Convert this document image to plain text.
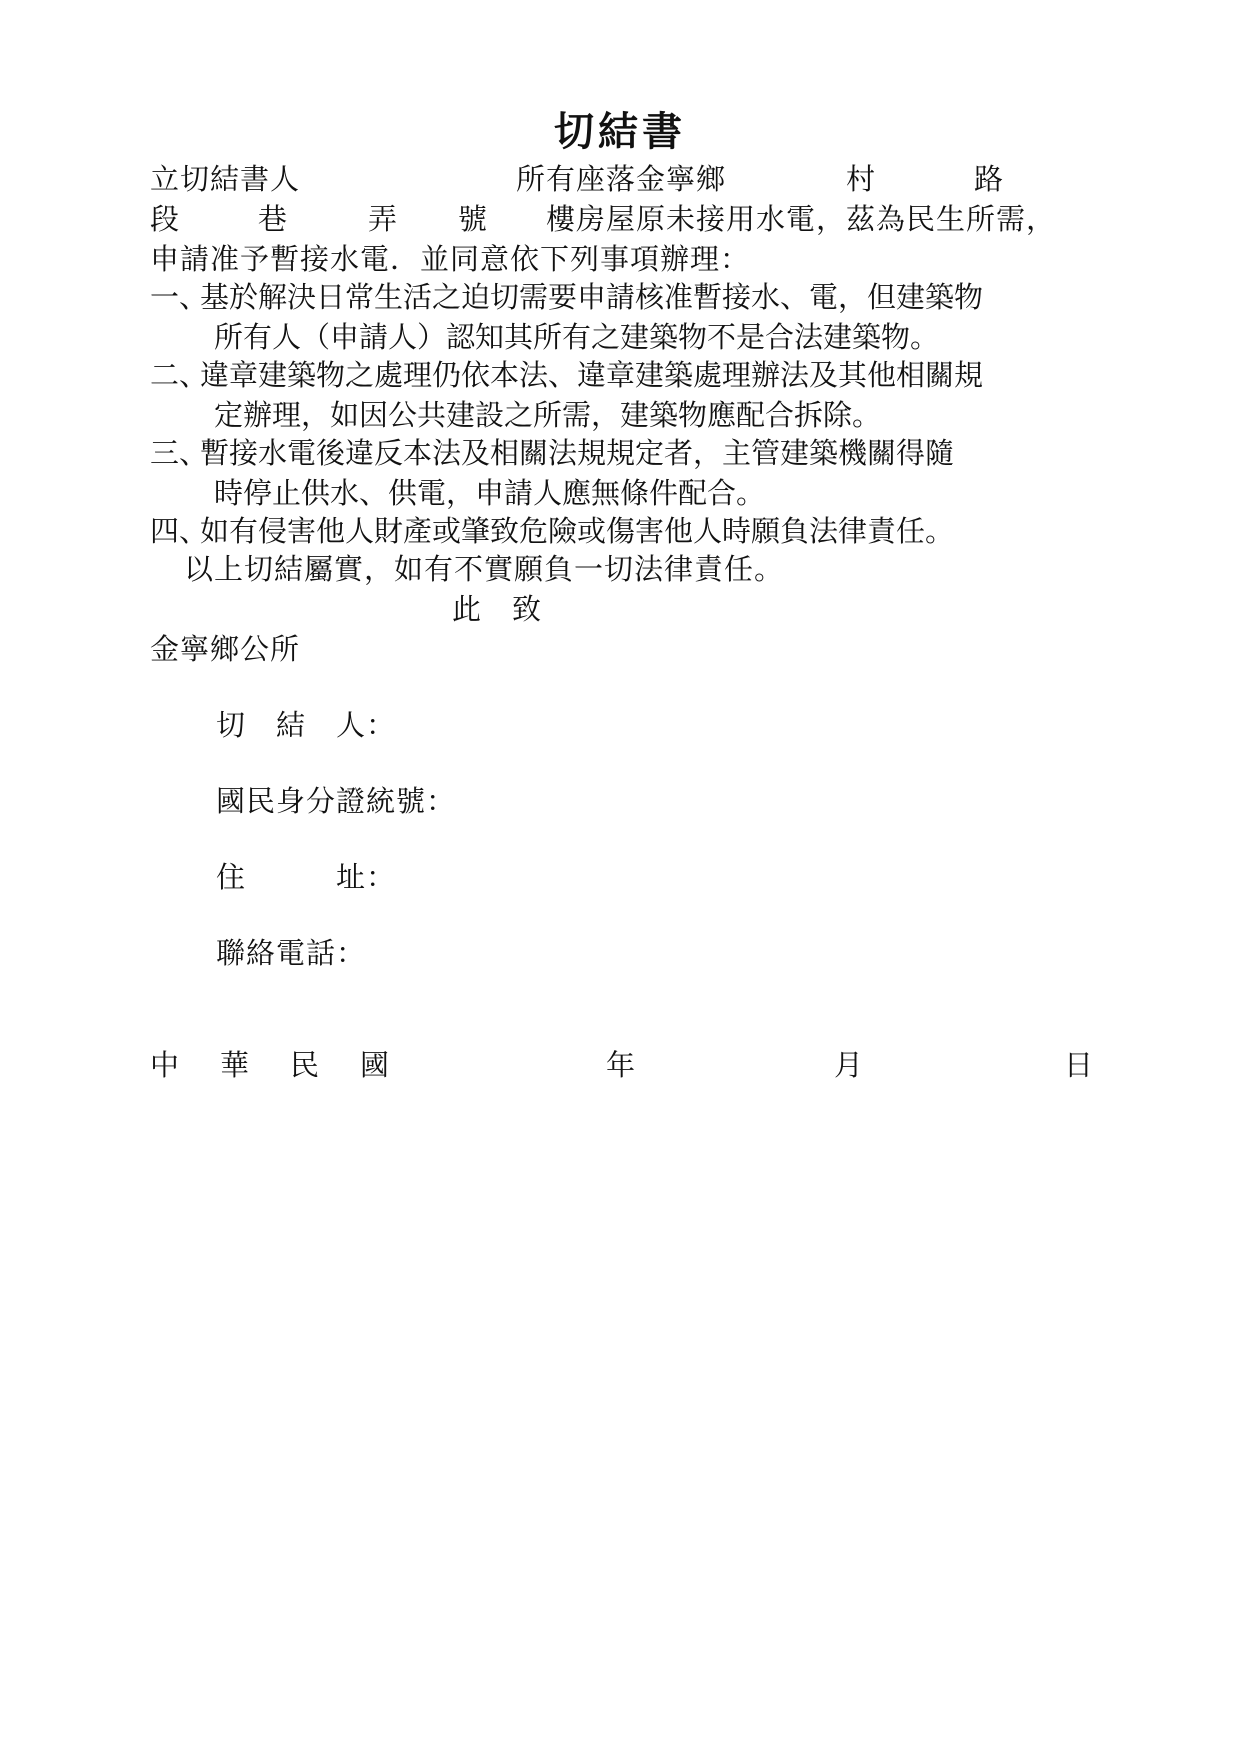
切結書
立切結書人	所有座落金寧鄉	村	路
段	巷	弄 號 樓房屋原未接用水電，茲為民生所需，
申請准予暫接水電．並同意依下列事項辦理：
一、
基於解決日常生活之迫切需要申請核准暫接水、電，但建築物
所有人（申請人）認知其所有之建築物不是合法建築物。
二、
違章建築物之處理仍依本法、違章建築處理辦法及其他相關規
定辦理，如因公共建設之所需，建築物應配合拆除。
三、
暫接水電後違反本法及相關法規規定者，主管建築機關得隨
時停止供水、供電，申請人應無條件配合。
四、
如有侵害他人財產或肇致危險或傷害他人時願負法律責任。
以上切結屬實，如有不實願負一切法律責任。
此　致
金寧鄉公所
切　結　人：
國民身分證統號：
住　　　址：
聯絡電話：
中　華　民　國	年	月	日
